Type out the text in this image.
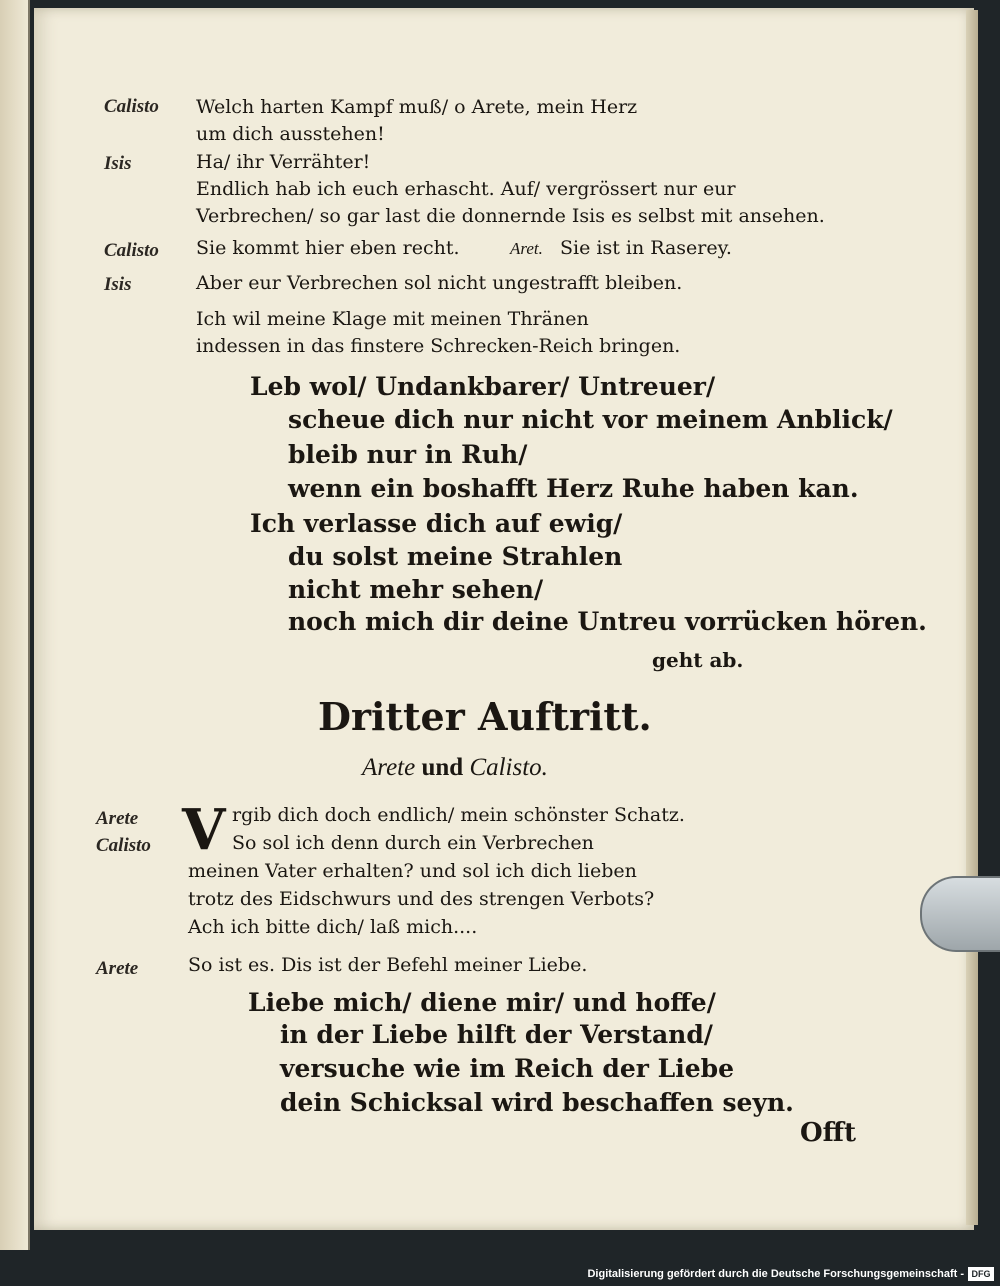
Calisto Welch harten Kampf muß/ o Arete, mein Herz
um dich ausstehen!
Isis	Ha/ ihr Verrähter!
Endlich hab ich euch erhascht. Auf/ vergrössert nur eur
Verbrechen/ so gar last die donnernde Isis es selbst mit ansehen.
Calisto Sie kommt hier eben recht.	Aret. Sie ist in Raserey.
Isis	Aber eur Verbrechen sol nicht ungestrafft bleiben.
Ich wil meine Klage mit meinen Thränen
indessen in das finstere Schrecken-Reich bringen.
Leb wol/ Undankbarer/ Untreuer/
scheue dich nur nicht vor meinem Anblick/
bleib nur in Ruh/
wenn ein boshafft Herz Ruhe haben kan.
Ich verlasse dich auf ewig/
du solst meine Strahlen
nicht mehr sehen/
noch mich dir deine Untreu vorrücken hören.
geht ab.
Dritter Auftritt.
Arete und Calisto.
V
Arete	rgib dich doch endlich/ mein schönster Schatz.
Calisto	So sol ich denn durch ein Verbrechen
meinen Vater erhalten? und sol ich dich lieben
trotz des Eidschwurs und des strengen Verbots?
Ach ich bitte dich/ laß mich....
Arete	So ist es. Dis ist der Befehl meiner Liebe.
Liebe mich/ diene mir/ und hoffe/
in der Liebe hilft der Verstand/
versuche wie im Reich der Liebe
dein Schicksal wird beschaffen seyn.
Offt
Digitalisierung gefördert durch die Deutsche Forschungsgemeinschaft - DFG
